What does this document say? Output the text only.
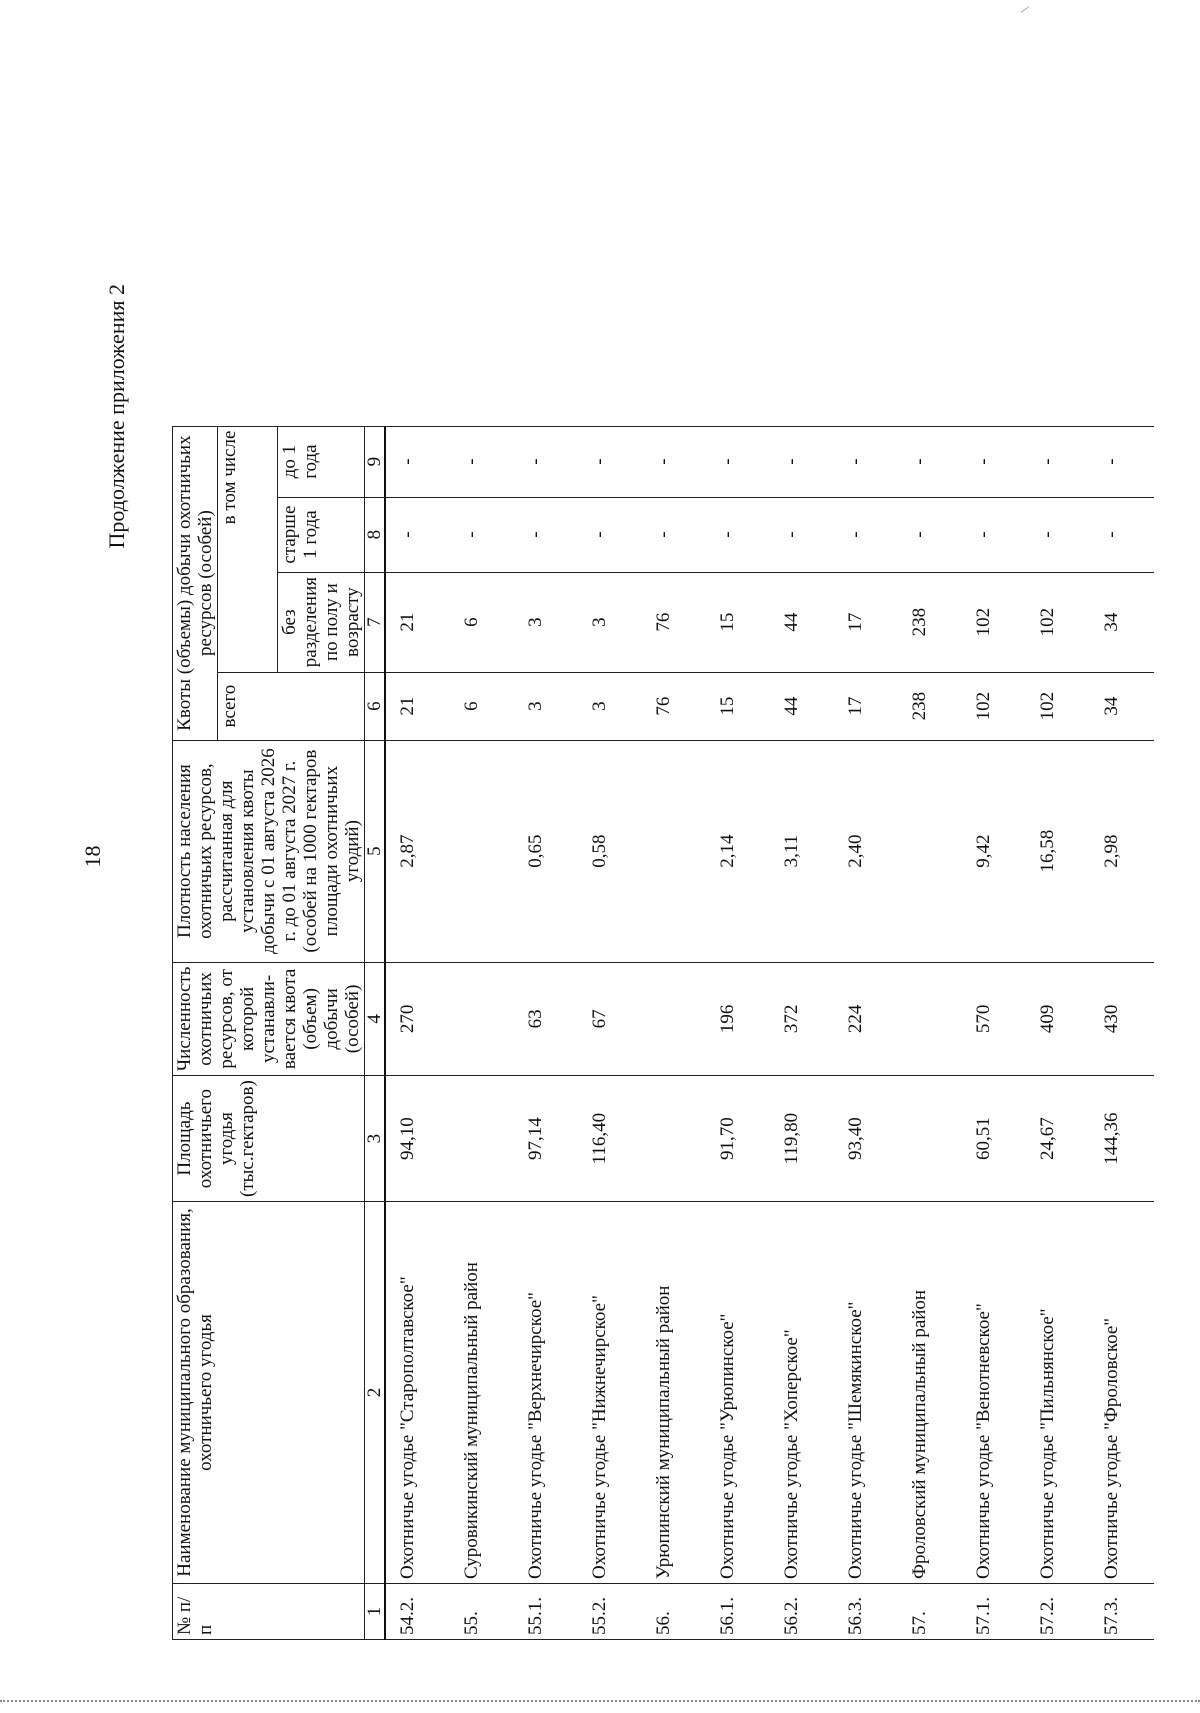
18
Продолжение приложения 2
№ п/п	Наименование муниципального образования, охотничьего угодья	Площадь охотничьего угодья (тыс.гектаров)	Численность охотничьих ресурсов, от которой устанавли-вается квота (объем) добычи (особей)	Плотность населения охотничьих ресурсов, рассчитанная для установления квоты добычи с 01 августа 2026 г. до 01 августа 2027 г. (особей на 1000 гектаров площади охотничьих угодий)	Квоты (объемы) добычи охотничьих ресурсов (особей)			
					всего	в том числе		
						без разделения по полу и возрасту	старше 1 года	до 1 года
1	2	3	4	5	6	7	8	9
54.2.	Охотничье угодье "Старополтавское"	94,10	270	2,87	21	21	-	-
55.	Суровикинский муниципальный район				6	6	-	-
55.1.	Охотничье угодье "Верхнечирское"	97,14	63	0,65	3	3	-	-
55.2.	Охотничье угодье "Нижнечирское"	116,40	67	0,58	3	3	-	-
56.	Урюпинский муниципальный район				76	76	-	-
56.1.	Охотничье угодье "Урюпинское"	91,70	196	2,14	15	15	-	-
56.2.	Охотничье угодье "Хоперское"	119,80	372	3,11	44	44	-	-
56.3.	Охотничье угодье "Шемякинское"	93,40	224	2,40	17	17	-	-
57.	Фроловский муниципальный район				238	238	-	-
57.1.	Охотничье угодье "Венотневское"	60,51	570	9,42	102	102	-	-
57.2.	Охотничье угодье "Пильнянское"	24,67	409	16,58	102	102	-	-
57.3.	Охотничье угодье "Фроловское"	144,36	430	2,98	34	34	-	-
